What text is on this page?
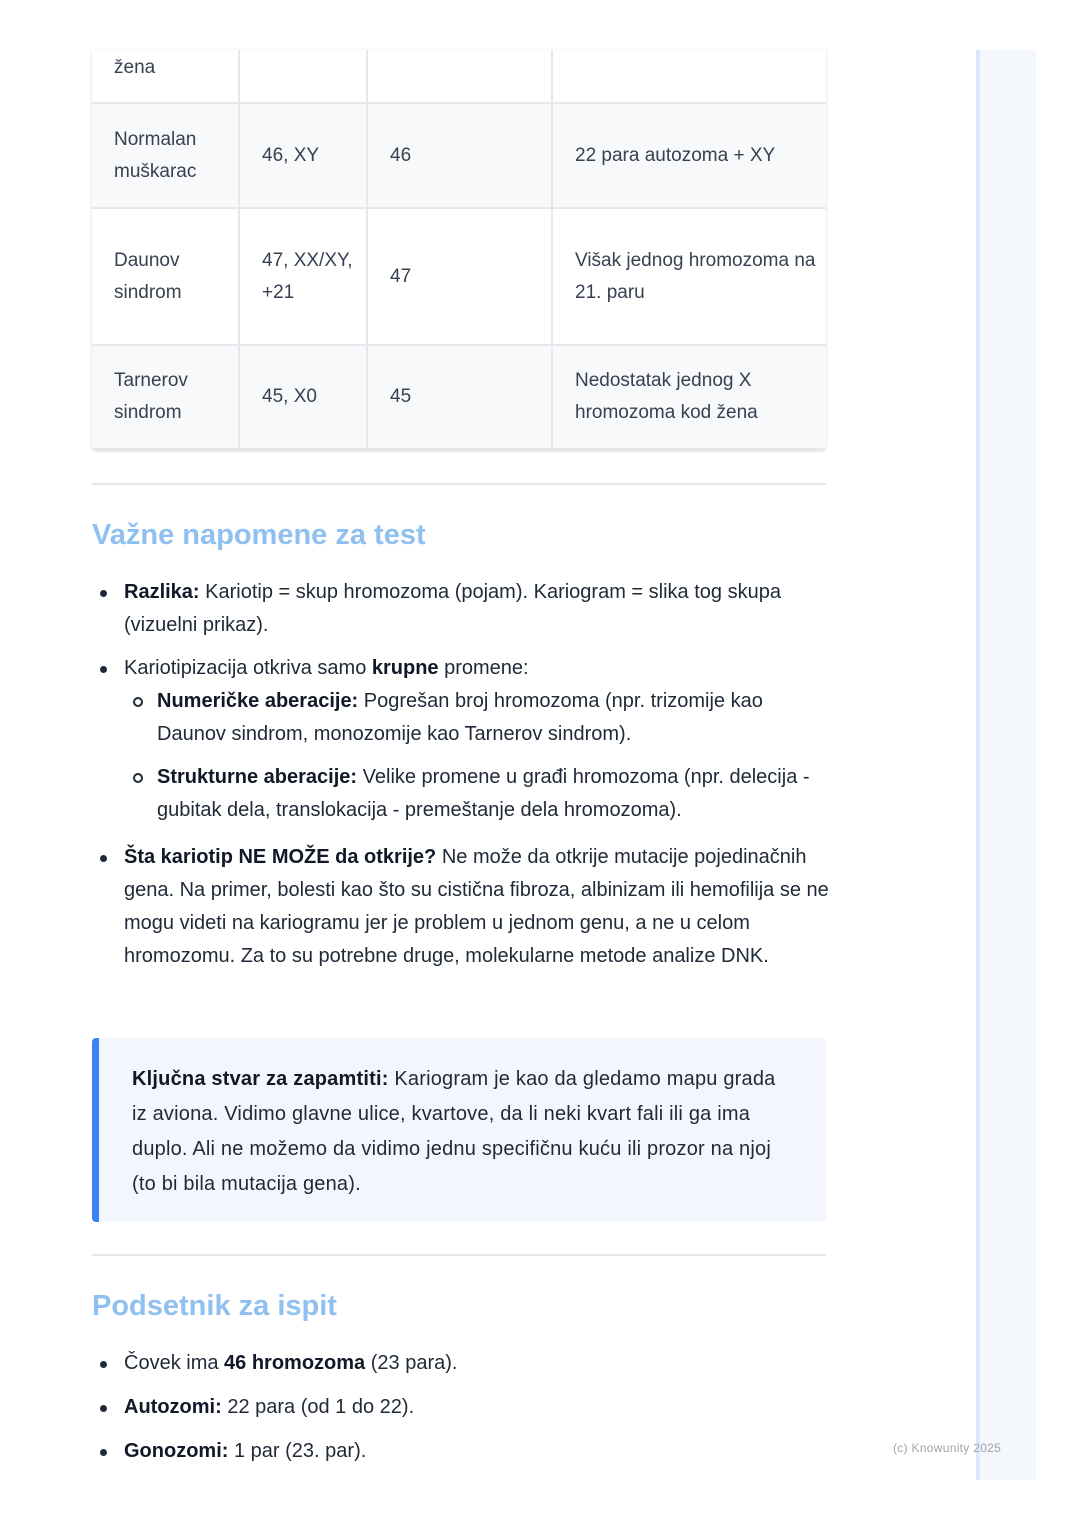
(c) Knowunity 2025
žena			
Normalan muškarac	46, XY	46	22 para autozoma + XY
Daunov sindrom	47, XX/XY, +21	47	Višak jednog hromozoma na 21. paru
Tarnerov sindrom	45, X0	45	Nedostatak jednog X hromozoma kod žena
Važne napomene za test
Razlika: Kariotip = skup hromozoma (pojam). Kariogram = slika tog skupa (vizuelni prikaz).
Kariotipizacija otkriva samo krupne promene:
Numeričke aberacije: Pogrešan broj hromozoma (npr. trizomije kao Daunov sindrom, monozomije kao Tarnerov sindrom).
Strukturne aberacije: Velike promene u građi hromozoma (npr. delecija - gubitak dela, translokacija - premeštanje dela hromozoma).
Šta kariotip NE MOŽE da otkrije? Ne može da otkrije mutacije pojedinačnih gena. Na primer, bolesti kao što su cistična fibroza, albinizam ili hemofilija se ne mogu videti na kariogramu jer je problem u jednom genu, a ne u celom hromozomu. Za to su potrebne druge, molekularne metode analize DNK.
Ključna stvar za zapamtiti: Kariogram je kao da gledamo mapu grada iz aviona. Vidimo glavne ulice, kvartove, da li neki kvart fali ili ga ima duplo. Ali ne možemo da vidimo jednu specifičnu kuću ili prozor na njoj (to bi bila mutacija gena).
Podsetnik za ispit
Čovek ima 46 hromozoma (23 para).
Autozomi: 22 para (od 1 do 22).
Gonozomi: 1 par (23. par).
